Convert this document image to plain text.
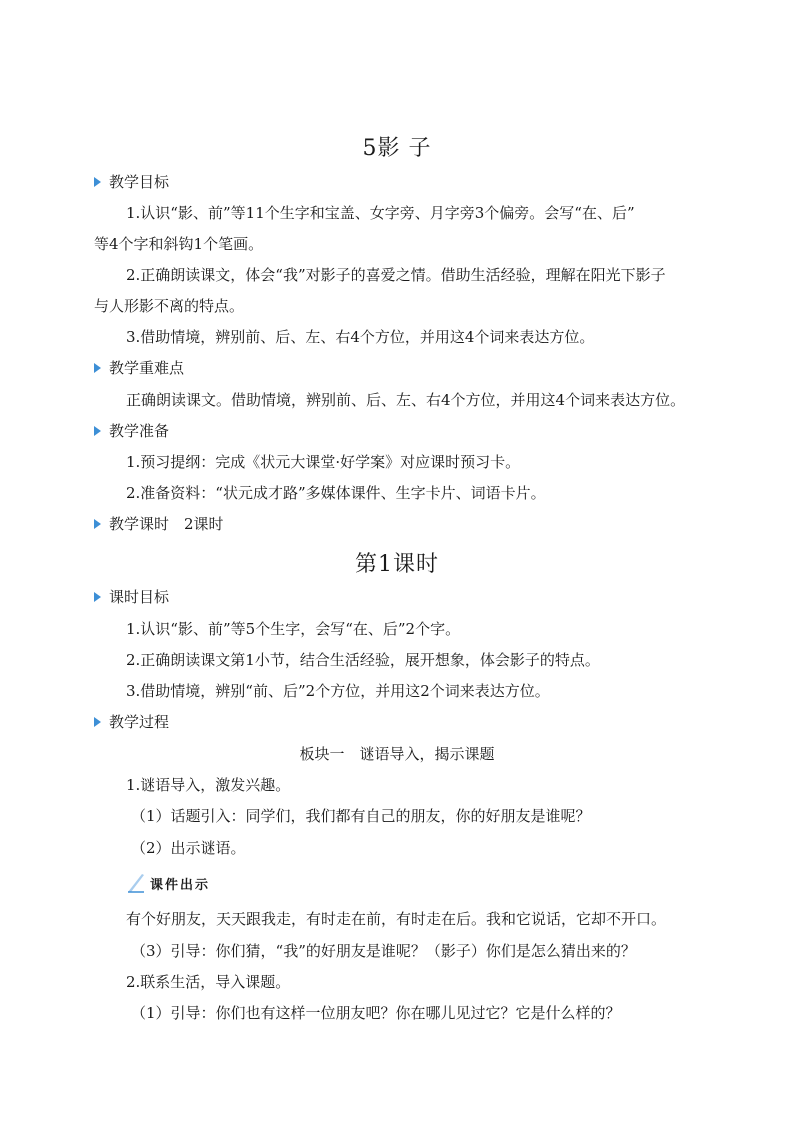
5影 子
教学目标
1.认识“影、前”等11个生字和宝盖、女字旁、月字旁3个偏旁。会写“在、后”
等4个字和斜钩1个笔画。
2.正确朗读课文，体会“我”对影子的喜爱之情。借助生活经验，理解在阳光下影子
与人形影不离的特点。
3.借助情境，辨别前、后、左、右4个方位，并用这4个词来表达方位。
教学重难点
正确朗读课文。借助情境，辨别前、后、左、右4个方位，并用这4个词来表达方位。
教学准备
1.预习提纲：完成《状元大课堂·好学案》对应课时预习卡。
2.准备资料：“状元成才路”多媒体课件、生字卡片、词语卡片。
教学课时　2课时
第1课时
课时目标
1.认识“影、前”等5个生字，会写“在、后”2个字。
2.正确朗读课文第1小节，结合生活经验，展开想象，体会影子的特点。
3.借助情境，辨别“前、后”2个方位，并用这2个词来表达方位。
教学过程
板块一　谜语导入，揭示课题
1.谜语导入，激发兴趣。
（1）话题引入：同学们，我们都有自己的朋友，你的好朋友是谁呢？
（2）出示谜语。
课件出示
有个好朋友，天天跟我走，有时走在前，有时走在后。我和它说话，它却不开口。
（3）引导：你们猜，“我”的好朋友是谁呢？（影子）你们是怎么猜出来的？
2.联系生活，导入课题。
（1）引导：你们也有这样一位朋友吧？你在哪儿见过它？它是什么样的？
